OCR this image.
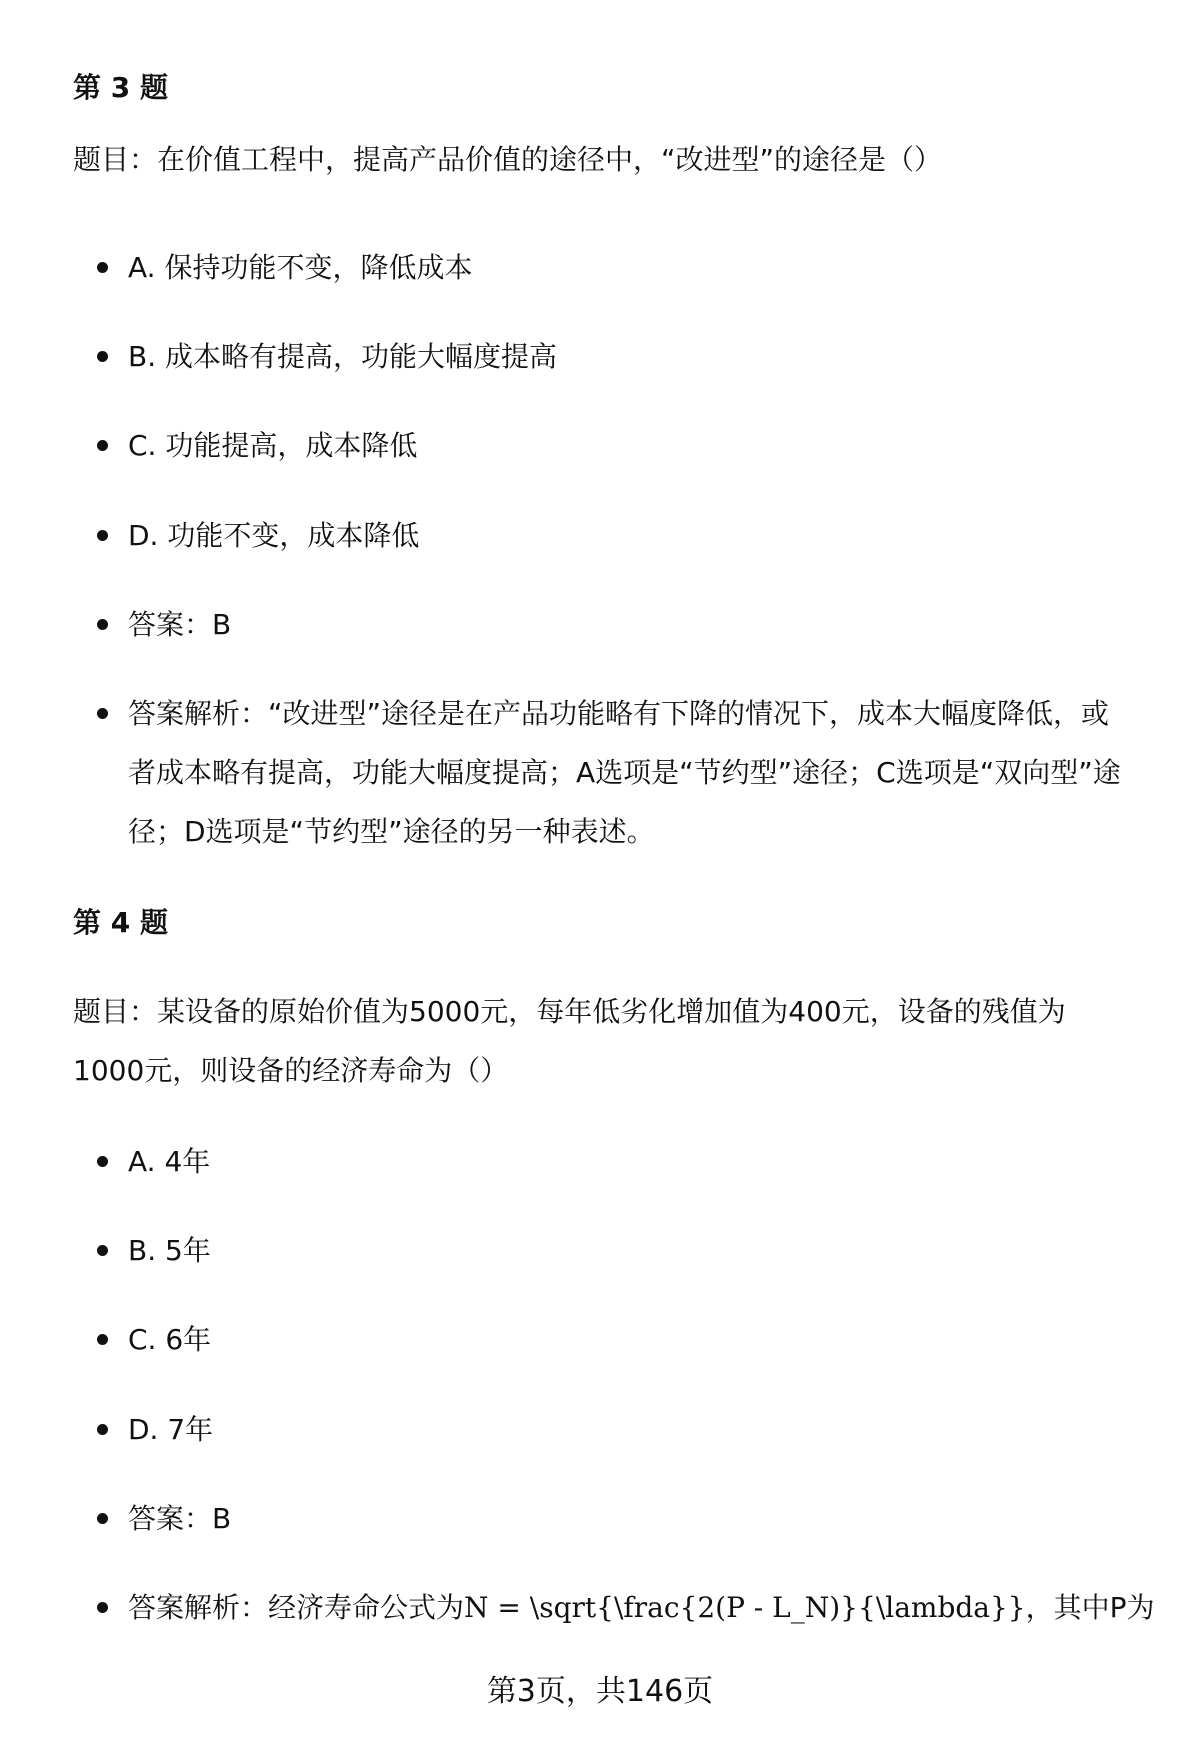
第 3 题

题目：在价值工程中，提高产品价值的途径中，“改进型”的途径是（）

A. 保持功能不变，降低成本
B. 成本略有提高，功能大幅度提高
C. 功能提高，成本降低
D. 功能不变，成本降低
答案：B
答案解析：“改进型”途径是在产品功能略有下降的情况下，成本大幅度降低，或者成本略有提高，功能大幅度提高；A选项是“节约型”途径；C选项是“双向型”途径；D选项是“节约型”途径的另一种表述。
第 4 题

题目：某设备的原始价值为5000元，每年低劣化增加值为400元，设备的残值为1000元，则设备的经济寿命为（）

A. 4年
B. 5年
C. 6年
D. 7年
答案：B
答案解析：经济寿命公式为N = \sqrt{\frac{2(P - L_N)}{\lambda}}，其中P为
第3页，共146页
